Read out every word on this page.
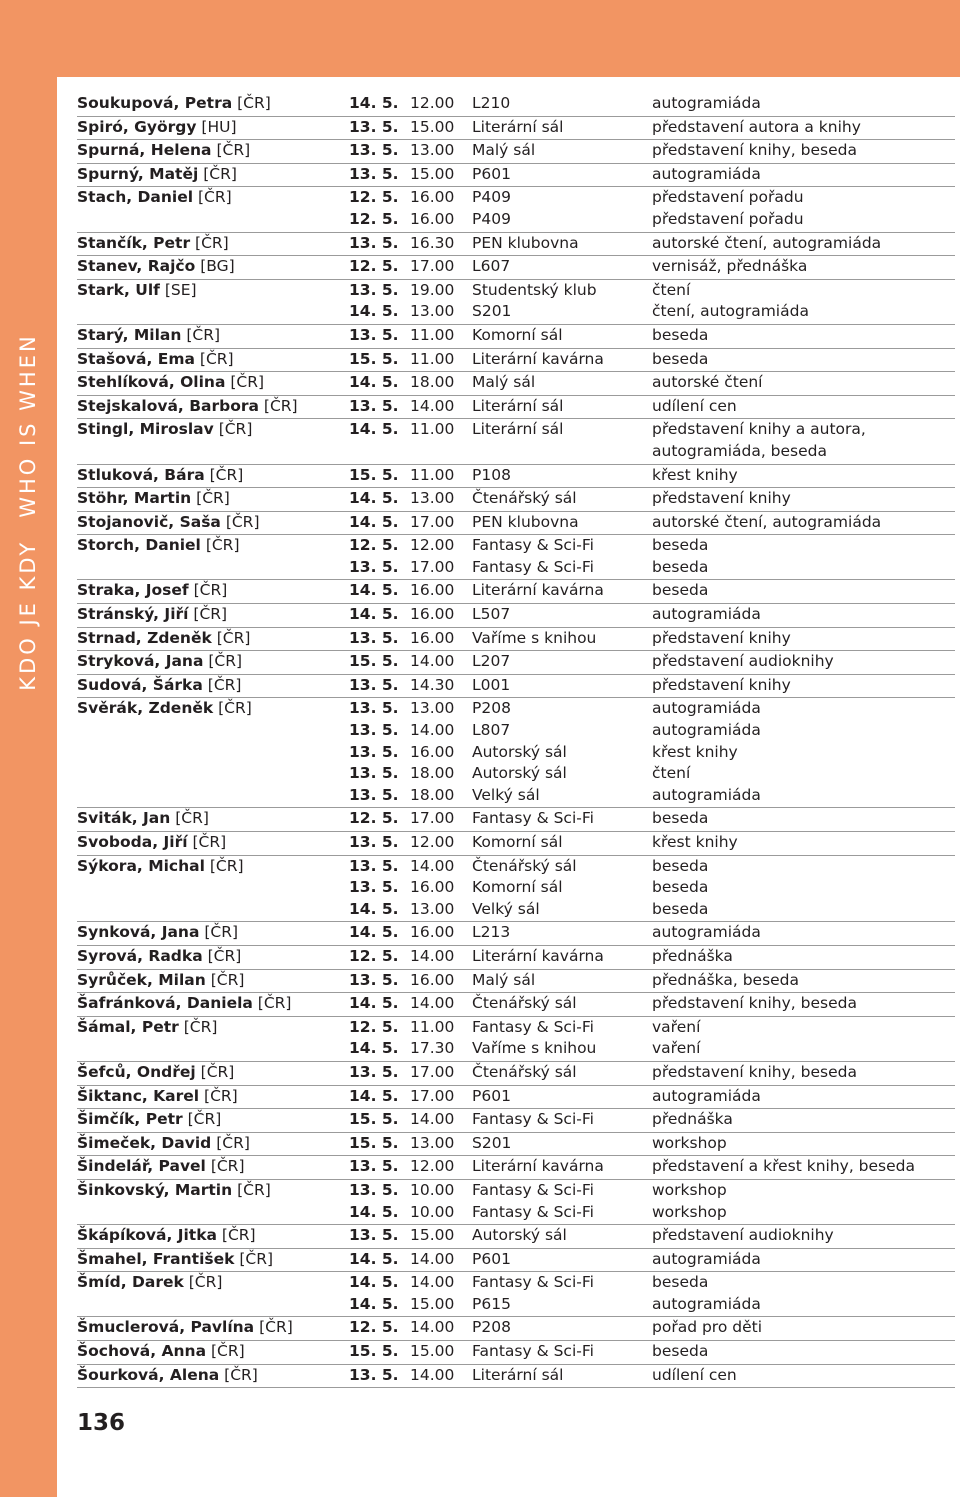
KDO JE KDYWHO IS WHEN
Soukupová, Petra [ČR]	14. 5. 12.00 L210	autogramiáda
Spiró, György [HU]	13. 5. 15.00 Literární sál	představení autora a knihy
Spurná, Helena [ČR]	13. 5. 13.00 Malý sál	představení knihy, beseda
Spurný, Matěj [ČR]	13. 5. 15.00 P601	autogramiáda
Stach, Daniel [ČR]	12. 5. 16.00 P409	představení pořadu
12. 5. 16.00 P409	představení pořadu
Stančík, Petr [ČR]	13. 5. 16.30 PEN klubovna	autorské čtení, autogramiáda
Stanev, Rajčo [BG]	12. 5. 17.00 L607	vernisáž, přednáška
Stark, Ulf [SE]	13. 5. 19.00 Studentský klub	čtení
14. 5. 13.00 S201	čtení, autogramiáda
Starý, Milan [ČR]	13. 5. 11.00 Komorní sál	beseda
Stašová, Ema [ČR]	15. 5. 11.00 Literární kavárna	beseda
Stehlíková, Olina [ČR]	14. 5. 18.00 Malý sál	autorské čtení
Stejskalová, Barbora [ČR]	13. 5. 14.00 Literární sál	udílení cen
Stingl, Miroslav [ČR]	14. 5. 11.00 Literární sál	představení knihy a autora,
autogramiáda, beseda
Stluková, Bára [ČR]	15. 5. 11.00 P108	křest knihy
Stöhr, Martin [ČR]	14. 5. 13.00 Čtenářský sál	představení knihy
Stojanovič, Saša [ČR]	14. 5. 17.00 PEN klubovna	autorské čtení, autogramiáda
Storch, Daniel [ČR]	12. 5. 12.00 Fantasy & Sci-Fi	beseda
13. 5. 17.00 Fantasy & Sci-Fi	beseda
Straka, Josef [ČR]	14. 5. 16.00 Literární kavárna	beseda
Stránský, Jiří [ČR]	14. 5. 16.00 L507	autogramiáda
Strnad, Zdeněk [ČR]	13. 5. 16.00 Vaříme s knihou	představení knihy
Stryková, Jana [ČR]	15. 5. 14.00 L207	představení audioknihy
Sudová, Šárka [ČR]	13. 5. 14.30 L001	představení knihy
Svěrák, Zdeněk [ČR]	13. 5. 13.00 P208	autogramiáda
13. 5. 14.00 L807	autogramiáda
13. 5. 16.00 Autorský sál	křest knihy
13. 5. 18.00 Autorský sál	čtení
13. 5. 18.00 Velký sál	autogramiáda
Sviták, Jan [ČR]	12. 5. 17.00 Fantasy & Sci-Fi	beseda
Svoboda, Jiří [ČR]	13. 5. 12.00 Komorní sál	křest knihy
Sýkora, Michal [ČR]	13. 5. 14.00 Čtenářský sál	beseda
13. 5. 16.00 Komorní sál	beseda
14. 5. 13.00 Velký sál	beseda
Synková, Jana [ČR]	14. 5. 16.00 L213	autogramiáda
Syrová, Radka [ČR]	12. 5. 14.00 Literární kavárna	přednáška
Syrůček, Milan [ČR]	13. 5. 16.00 Malý sál	přednáška, beseda
Šafránková, Daniela [ČR]	14. 5. 14.00 Čtenářský sál	představení knihy, beseda
Šámal, Petr [ČR]	12. 5. 11.00 Fantasy & Sci-Fi	vaření
14. 5. 17.30 Vaříme s knihou	vaření
Šefců, Ondřej [ČR]	13. 5. 17.00 Čtenářský sál	představení knihy, beseda
Šiktanc, Karel [ČR]	14. 5. 17.00 P601	autogramiáda
Šimčík, Petr [ČR]	15. 5. 14.00 Fantasy & Sci-Fi	přednáška
Šimeček, David [ČR]	15. 5. 13.00 S201	workshop
Šindelář, Pavel [ČR]	13. 5. 12.00 Literární kavárna	představení a křest knihy, beseda
Šinkovský, Martin [ČR]	13. 5. 10.00 Fantasy & Sci-Fi	workshop
14. 5. 10.00 Fantasy & Sci-Fi	workshop
Škápíková, Jitka [ČR]	13. 5. 15.00 Autorský sál	představení audioknihy
Šmahel, František [ČR]	14. 5. 14.00 P601	autogramiáda
Šmíd, Darek [ČR]	14. 5. 14.00 Fantasy & Sci-Fi	beseda
14. 5. 15.00 P615	autogramiáda
Šmuclerová, Pavlína [ČR]	12. 5. 14.00 P208	pořad pro děti
Šochová, Anna [ČR]	15. 5. 15.00 Fantasy & Sci-Fi	beseda
Šourková, Alena [ČR]	13. 5. 14.00 Literární sál	udílení cen
136
